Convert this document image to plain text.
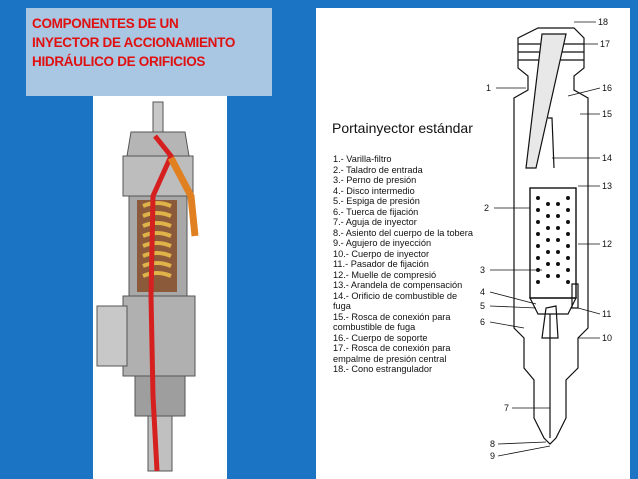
COMPONENTES DE UN
INYECTOR DE ACCIONAMIENTO
HIDRÁULICO DE ORIFICIOS
Portainyector estándar
1.- Varilla-filtro
2.- Taladro de entrada
3.- Perno de presión
4.- Disco intermedio
5.- Espiga de presión
6.- Tuerca de fijación
7.- Aguja de inyector
8.- Asiento del cuerpo de la tobera
9.- Agujero de inyección
10.- Cuerpo de inyector
11.- Pasador de fijación
12.- Muelle de compresió
13.- Arandela de compensación
14.- Orificio de combustible de fuga
15.- Rosca de conexión para combustible de fuga
16.- Cuerpo de soporte
17.- Rosca de conexión para empalme de presión central
18.- Cono estrangulador
18
17
1	16
15
14
13
2
12
3
4
5
11
6
10
7
8
9
